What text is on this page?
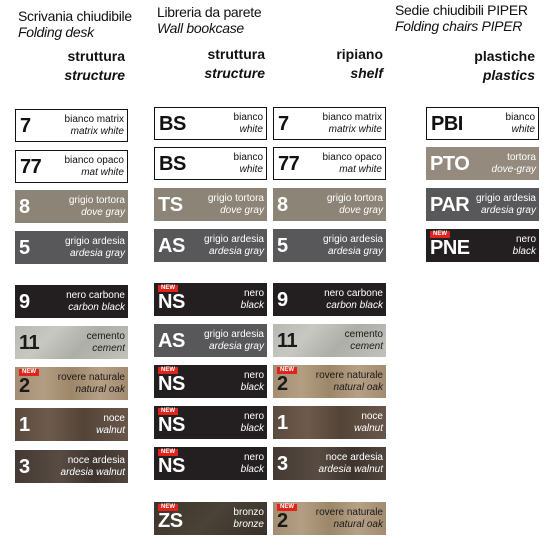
Scrivania chiudibile
Folding desk
Libreria da parete
Wall bookcase
Sedie chiudibili PIPER
Folding chairs PIPER
struttura
structure
struttura
structure
ripiano
shelf
plastiche
plastics
7	bianco matrix
matrix white
77 bianco opaco
mat white
8	grigio tortora
dove gray
5	grigio ardesia
ardesia gray
9	nero carbone
carbon black
11	cemento
cement
NEW
2	rovere naturale
natural oak
1	noce
walnut
3	noce ardesia
ardesia walnut
BS	bianco
white
BS	bianco
white
TS	grigio tortora
dove gray
AS grigio ardesia
ardesia gray
NEW
NS	nero
black
AS grigio ardesia
ardesia gray
NEW
NS	nero
black
NEW
NS	nero
black
NEW
NS	nero
black
NEW
ZS	bronzo
bronze
7	bianco matrix
matrix white
77 bianco opaco
mat white
8	grigio tortora
dove gray
5	grigio ardesia
ardesia gray
9	nero carbone
carbon black
11	cemento
cement
NEW
2	rovere naturale
natural oak
1	noce
walnut
3	noce ardesia
ardesia walnut
NEW
2	rovere naturale
natural oak
PBI	bianco
white
PTO	tortora
dove-gray
PAR grigio ardesia
ardesia gray
NEW
PNE	nero
black
